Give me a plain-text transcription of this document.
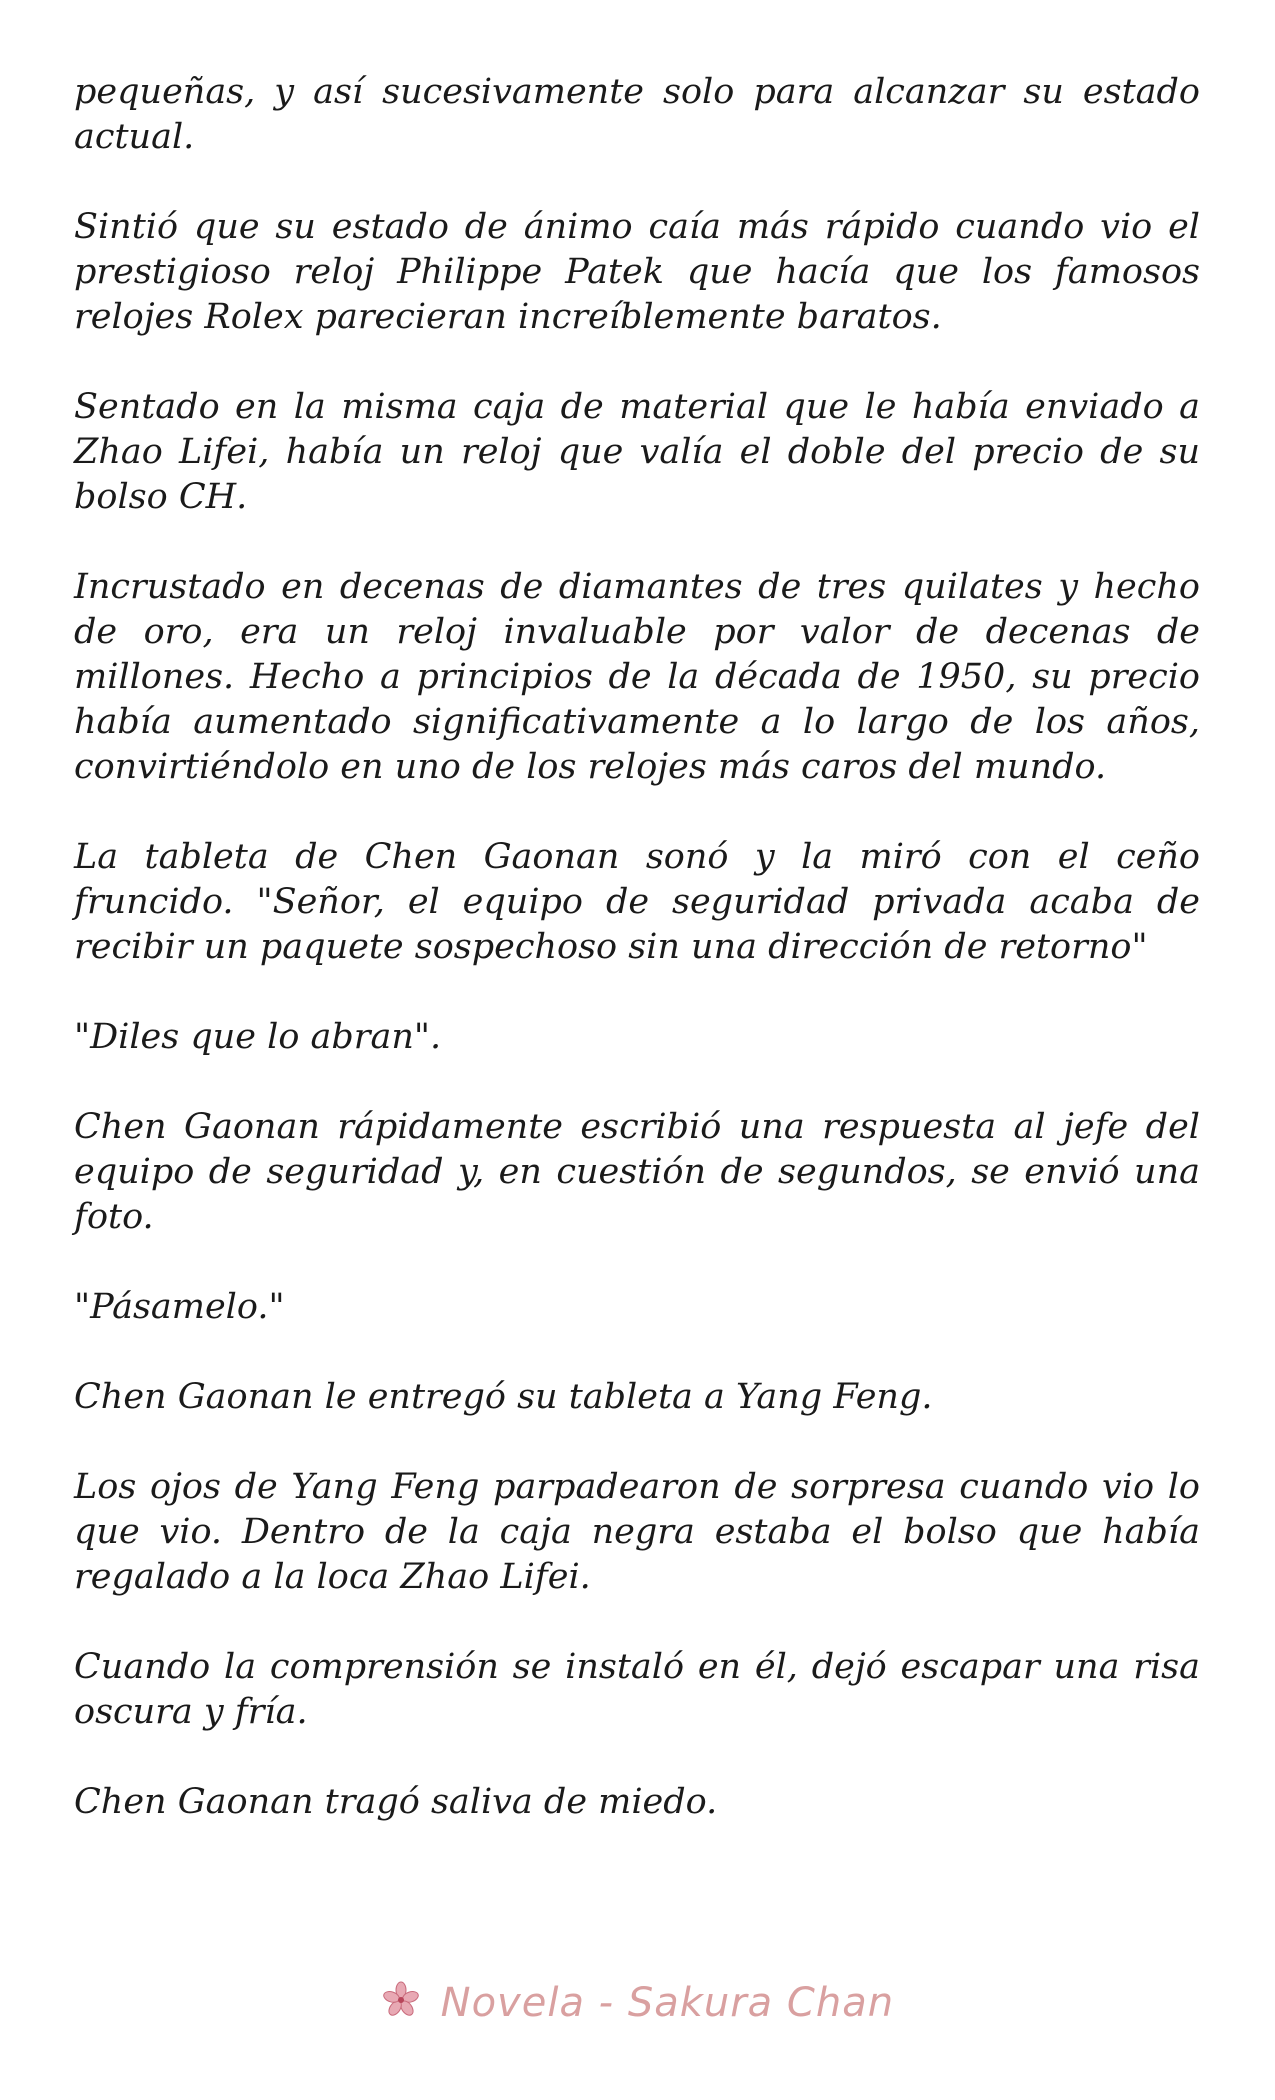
pequeñas, y así sucesivamente solo para alcanzar su estado actual.

Sintió que su estado de ánimo caía más rápido cuando vio el prestigioso reloj Philippe Patek que hacía que los famosos relojes Rolex parecieran increíblemente baratos.

Sentado en la misma caja de material que le había enviado a Zhao Lifei, había un reloj que valía el doble del precio de su bolso CH.

Incrustado en decenas de diamantes de tres quilates y hecho de oro, era un reloj invaluable por valor de decenas de millones. Hecho a principios de la década de 1950, su precio había aumentado significativamente a lo largo de los años, convirtiéndolo en uno de los relojes más caros del mundo.

La tableta de Chen Gaonan sonó y la miró con el ceño fruncido. "Señor, el equipo de seguridad privada acaba de recibir un paquete sospechoso sin una dirección de retorno"

"Diles que lo abran".

Chen Gaonan rápidamente escribió una respuesta al jefe del equipo de seguridad y, en cuestión de segundos, se envió una foto.

"Pásamelo."

Chen Gaonan le entregó su tableta a Yang Feng.

Los ojos de Yang Feng parpadearon de sorpresa cuando vio lo que vio. Dentro de la caja negra estaba el bolso que había regalado a la loca Zhao Lifei.

Cuando la comprensión se instaló en él, dejó escapar una risa oscura y fría.

Chen Gaonan tragó saliva de miedo.

Novela - Sakura Chan
